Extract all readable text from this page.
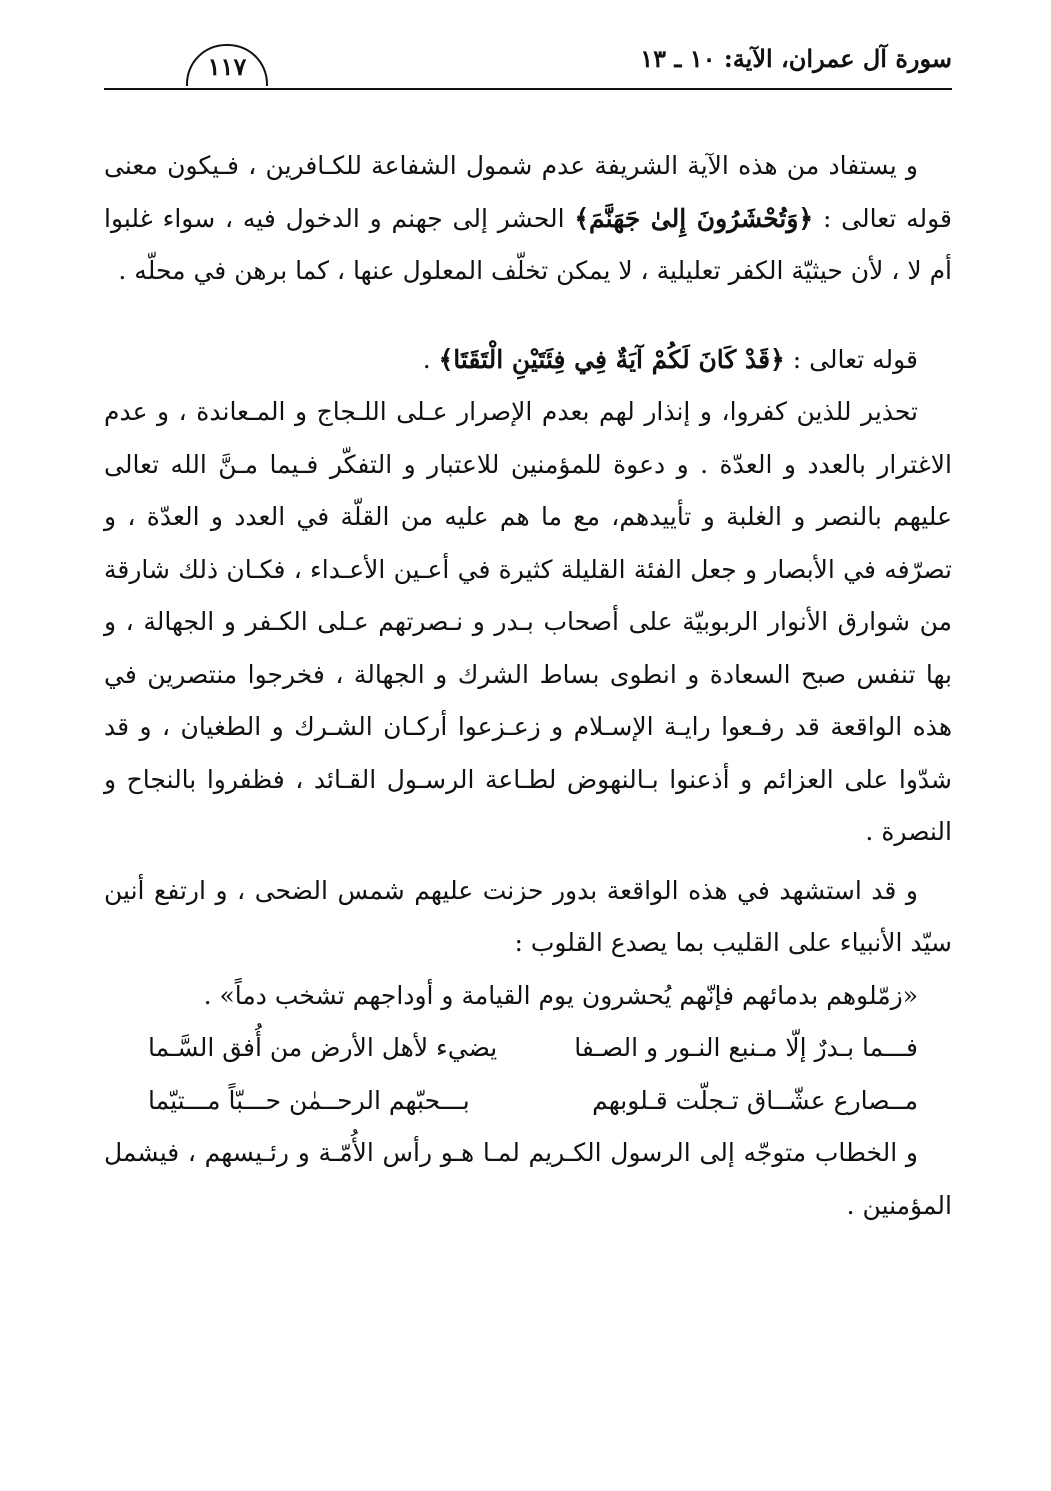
سورة آل عمران، الآية: ١٠ ـ ١٣
١١٧

و يستفاد من هذه الآية الشريفة عدم شمول الشفاعة للكـافرين ، فـيكون معنى قوله تعالى : ﴿وَتُحْشَرُونَ إِلىٰ جَهَنَّمَ﴾ الحشر إلى جهنم و الدخول فيه ، سواء غلبوا أم لا ، لأن حيثيّة الكفر تعليلية ، لا يمكن تخلّف المعلول عنها ، كما برهن في محلّه .

قوله تعالى : ﴿قَدْ كَانَ لَكُمْ آيَةٌ فِي فِئَتَيْنِ الْتَقَتَا﴾ .

تحذير للذين كفروا، و إنذار لهم بعدم الإصرار عـلى اللـجاج و المـعاندة ، و عدم الاغترار بالعدد و العدّة . و دعوة للمؤمنين للاعتبار و التفكّر فـيما مـنَّ الله تعالى عليهم بالنصر و الغلبة و تأييدهم، مع ما هم عليه من القلّة في العدد و العدّة ، و تصرّفه في الأبصار و جعل الفئة القليلة كثيرة في أعـين الأعـداء ، فكـان ذلك شارقة من شوارق الأنوار الربوبيّة على أصحاب بـدر و نـصرتهم عـلى الكـفر و الجهالة ، و بها تنفس صبح السعادة و انطوى بساط الشرك و الجهالة ، فخرجوا منتصرين في هذه الواقعة قد رفـعوا رايـة الإسـلام و زعـزعوا أركـان الشـرك و الطغيان ، و قد شدّوا على العزائم و أذعنوا بـالنهوض لطـاعة الرسـول القـائد ، فظفروا بالنجاح و النصرة .

و قد استشهد في هذه الواقعة بدور حزنت عليهم شمس الضحى ، و ارتفع أنين سيّد الأنبياء على القليب بما يصدع القلوب :

«زمّلوهم بدمائهم فإنّهم يُحشرون يوم القيامة و أوداجهم تشخب دماً» .

فـــما بـدرٌ إلّا مـنبع النـور و الصـفا
يضيء لأهل الأرض من أُفق السَّـما
مــصارع عشّــاق تـجلّت قـلوبهم
بـــحبّهم الرحــمٰن حـــبّاً مـــتيّما

و الخطاب متوجّه إلى الرسول الكـريم لمـا هـو رأس الأُمّـة و رئـيسهم ، فيشمل المؤمنين .
